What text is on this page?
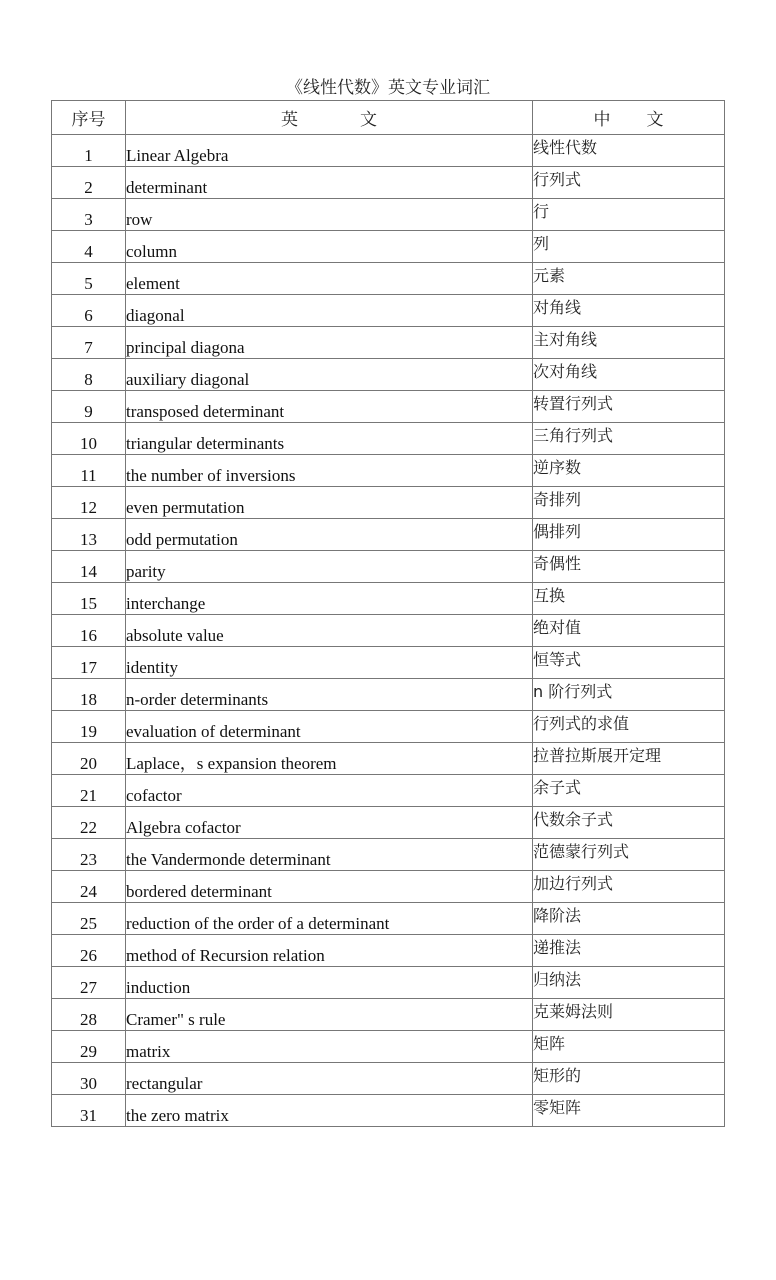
《线性代数》英文专业词汇
序号	英文	中文
1	Linear Algebra	线性代数
2	determinant	行列式
3	row	行
4	column	列
5	element	元素
6	diagonal	对角线
7	principal diagona	主对角线
8	auxiliary diagonal	次对角线
9	transposed determinant	转置行列式
10	triangular determinants	三角行列式
11	the number of inversions	逆序数
12	even permutation	奇排列
13	odd permutation	偶排列
14	parity	奇偶性
15	interchange	互换
16	absolute value	绝对值
17	identity	恒等式
18	n-order determinants	n 阶行列式
19	evaluation of determinant	行列式的求值
20	Laplace，s expansion theorem	拉普拉斯展开定理
21	cofactor	余子式
22	Algebra cofactor	代数余子式
23	the Vandermonde determinant	范德蒙行列式
24	bordered determinant	加边行列式
25	reduction of the order of a determinant	降阶法
26	method of Recursion relation	递推法
27	induction	归纳法
28	Cramer" s rule	克莱姆法则
29	matrix	矩阵
30	rectangular	矩形的
31	the zero matrix	零矩阵
